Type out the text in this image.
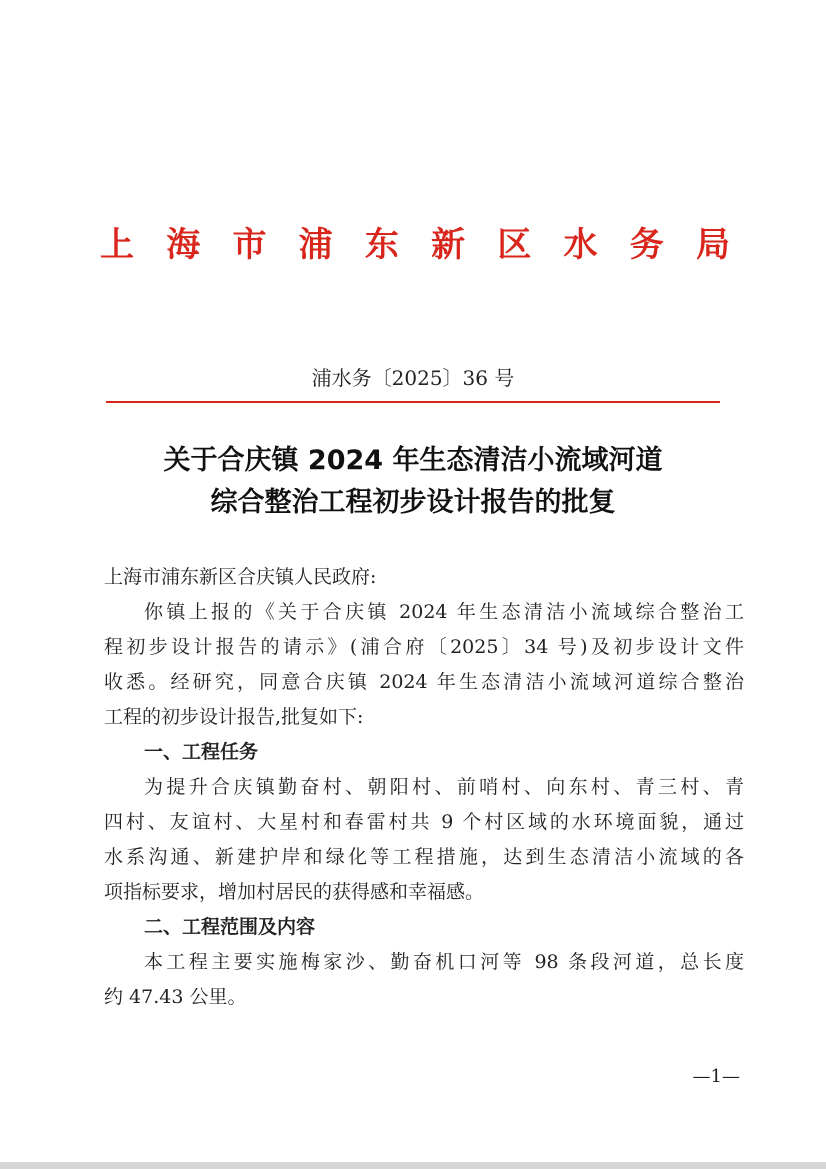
上 海 市 浦 东 新 区 水 务 局
浦水务〔2025〕36 号
关于合庆镇 2024 年生态清洁小流域河道
综合整治工程初步设计报告的批复
上海市浦东新区合庆镇人民政府:
你镇上报的《关于合庆镇 2024 年生态清洁小流域综合整治工
程初步设计报告的请示》(浦合府〔2025〕34 号)及初步设计文件
收悉。经研究，同意合庆镇 2024 年生态清洁小流域河道综合整治
工程的初步设计报告,批复如下:
一、工程任务
为提升合庆镇勤奋村、朝阳村、前哨村、向东村、青三村、青
四村、友谊村、大星村和春雷村共 9 个村区域的水环境面貌，通过
水系沟通、新建护岸和绿化等工程措施，达到生态清洁小流域的各
项指标要求，增加村居民的获得感和幸福感。
二、工程范围及内容
本工程主要实施梅家沙、勤奋机口河等 98 条段河道，总长度
约 47.43 公里。
—1—
